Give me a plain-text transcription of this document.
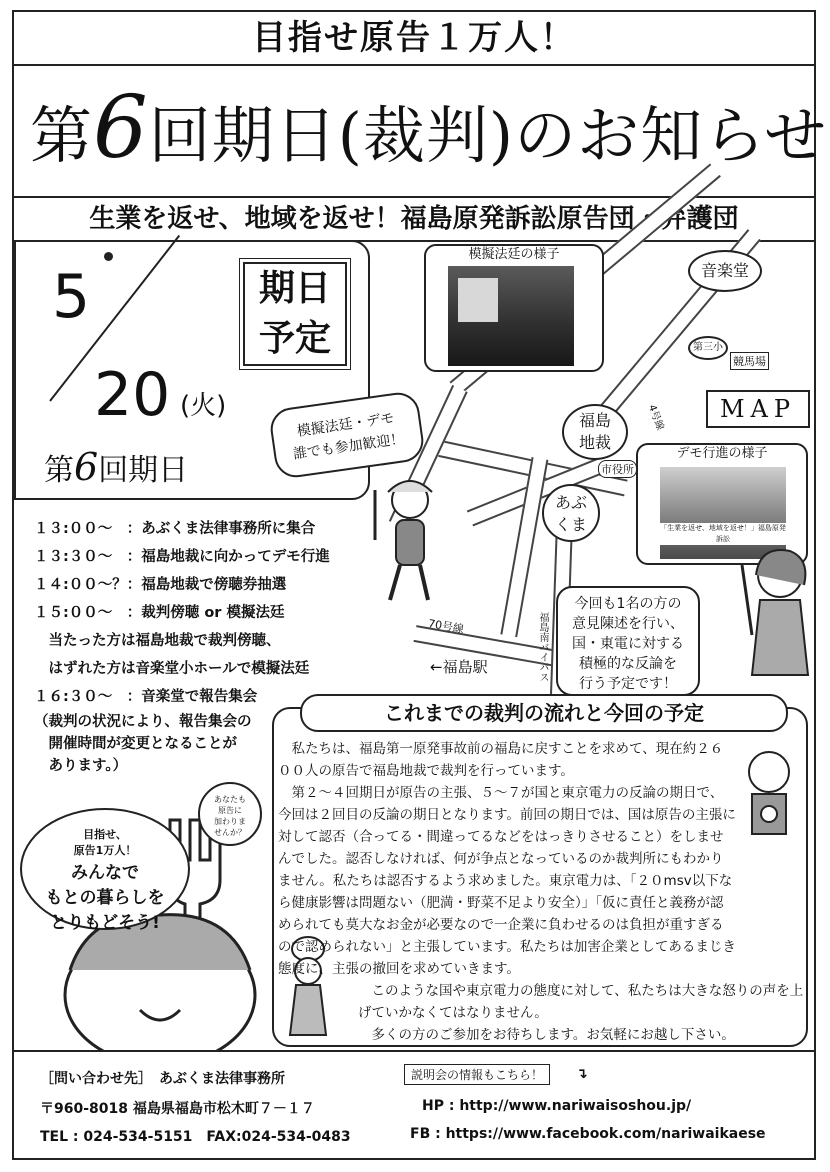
目指せ原告１万人！
第6回期日(裁判)のお知らせ
生業を返せ、地域を返せ！福島原発訴訟原告団・弁護団
5
20 (火)
第6回期日
期日
予定
１３:００～　：あぶくま法律事務所に集合
１３:３０～　：福島地裁に向かってデモ行進
１４:００～？：福島地裁で傍聴券抽選
１５:００～　：裁判傍聴 or 模擬法廷
　当たった方は福島地裁で裁判傍聴、
　はずれた方は音楽堂小ホールで模擬法廷
１６:３０～　：音楽堂で報告集会
（裁判の状況により、報告集会の
　開催時間が変更となることが
　あります。）
模擬法廷の様子
デモ行進の様子
「生業を返せ、地域を返せ！」福島原発訴訟
音楽堂
第三小
競馬場
MAP
福島
地裁
市役所
あぶ
くま
4号線
70号線	福島南バイパス
←福島駅
模擬法廷・デモ
誰でも参加歓迎！
今回も1名の方の
意見陳述を行い、
国・東電に対する
積極的な反論を
行う予定です！
目指せ、
原告1万人！
みんなで
もとの暮らしを
とりもどそう!
あなたも
原告に
加わりま
せんか？
これまでの裁判の流れと今回の予定

　私たちは、福島第一原発事故前の福島に戻すことを求めて、現在約２６００人の原告で福島地裁で裁判を行っています。

　第２～４回期日が原告の主張、５～７が国と東京電力の反論の期日で、今回は２回目の反論の期日となります。前回の期日では、国は原告の主張に対して認否（合ってる・間違ってるなどをはっきりさせること）をしませんでした。認否しなければ、何が争点となっているのか裁判所にもわかりません。私たちは認否するよう求めました。東京電力は、「２０msv以下なら健康影響は問題ない（肥満・野菜不足より安全）」「仮に責任と義務が認められても莫大なお金が必要なので一企業に負わせるのは負担が重すぎるので認められない」と主張しています。私たちは加害企業としてあるまじき態度に、主張の撤回を求めていきます。

　このような国や東京電力の態度に対して、私たちは大きな怒りの声を上げていかなくてはなりません。

　多くの方のご参加をお待ちします。お気軽にお越し下さい。

［問い合わせ先］　あぶくま法律事務所	説明会の情報もこちら！	↴
〒960-8018 福島県福島市松木町７－１７	HP : http://www.nariwaisoshou.jp/
TEL : 024-534-5151　FAX:024-534-0483	FB : https://www.facebook.com/nariwaikaese
